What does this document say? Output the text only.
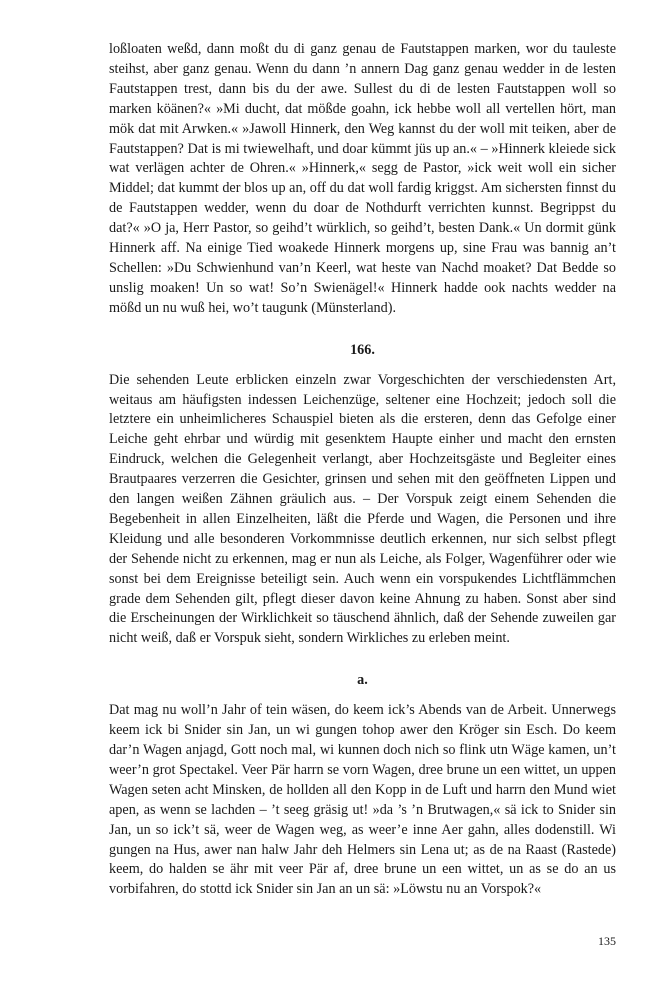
loßloaten weßd, dann moßt du di ganz genau de Fautstappen marken, wor du tauleste steihst, aber ganz genau. Wenn du dann ’n annern Dag ganz genau wedder in de lesten Fautstappen trest, dann bis du der awe. Sullest du di de lesten Fautstappen woll so marken köänen?« »Mi ducht, dat mößde goahn, ick hebbe woll all vertellen hört, man mök dat mit Arwken.« »Jawoll Hinnerk, den Weg kannst du der woll mit teiken, aber de Fautstappen? Dat is mi twiewelhaft, und doar kümmt jüs up an.« – »Hinnerk kleiede sick wat verlägen achter de Ohren.« »Hinnerk,« segg de Pastor, »ick weit woll ein sicher Middel; dat kummt der blos up an, off du dat woll fardig kriggst. Am sichersten finnst du de Fautstappen wedder, wenn du doar de Nothdurft verrichten kunnst. Begrippst du dat?« »O ja, Herr Pastor, so geihd’t würklich, so geihd’t, besten Dank.« Un dormit günk Hinnerk aff. Na einige Tied woakede Hinnerk morgens up, sine Frau was bannig an’t Schellen: »Du Schwienhund van’n Keerl, wat heste van Nachd moaket? Dat Bedde so unslig moaken! Un so wat! So’n Swienägel!« Hinnerk hadde ook nachts wedder na mößd un nu wuß hei, wo’t taugunk (Münsterland).

166.

Die sehenden Leute erblicken einzeln zwar Vorgeschichten der verschiedensten Art, weitaus am häufigsten indessen Leichenzüge, seltener eine Hochzeit; jedoch soll die letztere ein unheimlicheres Schauspiel bieten als die ersteren, denn das Gefolge einer Leiche geht ehrbar und würdig mit gesenktem Haupte einher und macht den ernsten Eindruck, welchen die Gelegenheit verlangt, aber Hochzeitsgäste und Begleiter eines Brautpaares verzerren die Gesichter, grinsen und sehen mit den geöffneten Lippen und den langen weißen Zähnen gräulich aus. – Der Vorspuk zeigt einem Sehenden die Begebenheit in allen Einzelheiten, läßt die Pferde und Wagen, die Personen und ihre Kleidung und alle besonderen Vorkommnisse deutlich erkennen, nur sich selbst pflegt der Sehende nicht zu erkennen, mag er nun als Leiche, als Folger, Wagenführer oder wie sonst bei dem Ereignisse beteiligt sein. Auch wenn ein vorspukendes Lichtflämmchen grade dem Sehenden gilt, pflegt dieser davon keine Ahnung zu haben. Sonst aber sind die Erscheinungen der Wirklichkeit so täuschend ähnlich, daß der Sehende zuweilen gar nicht weiß, daß er Vorspuk sieht, sondern Wirkliches zu erleben meint.

a.

Dat mag nu woll’n Jahr of tein wäsen, do keem ick’s Abends van de Arbeit. Unnerwegs keem ick bi Snider sin Jan, un wi gungen tohop awer den Kröger sin Esch. Do keem dar’n Wagen anjagd, Gott noch mal, wi kunnen doch nich so flink utn Wäge kamen, un’t weer’n grot Spectakel. Veer Pär harrn se vorn Wagen, dree brune un een wittet, un uppen Wagen seten acht Minsken, de hollden all den Kopp in de Luft und harrn den Mund wiet apen, as wenn se lachden – ’t seeg gräsig ut! »da ’s ’n Brutwagen,« sä ick to Snider sin Jan, un so ick’t sä, weer de Wagen weg, as weer’e inne Aer gahn, alles dodenstill. Wi gungen na Hus, awer nan halw Jahr deh Helmers sin Lena ut; as de na Raast (Rastede) keem, do halden se ähr mit veer Pär af, dree brune un een wittet, un as se do an us vorbifahren, do stottd ick Snider sin Jan an un sä: »Löwstu nu an Vorspok?«

135
